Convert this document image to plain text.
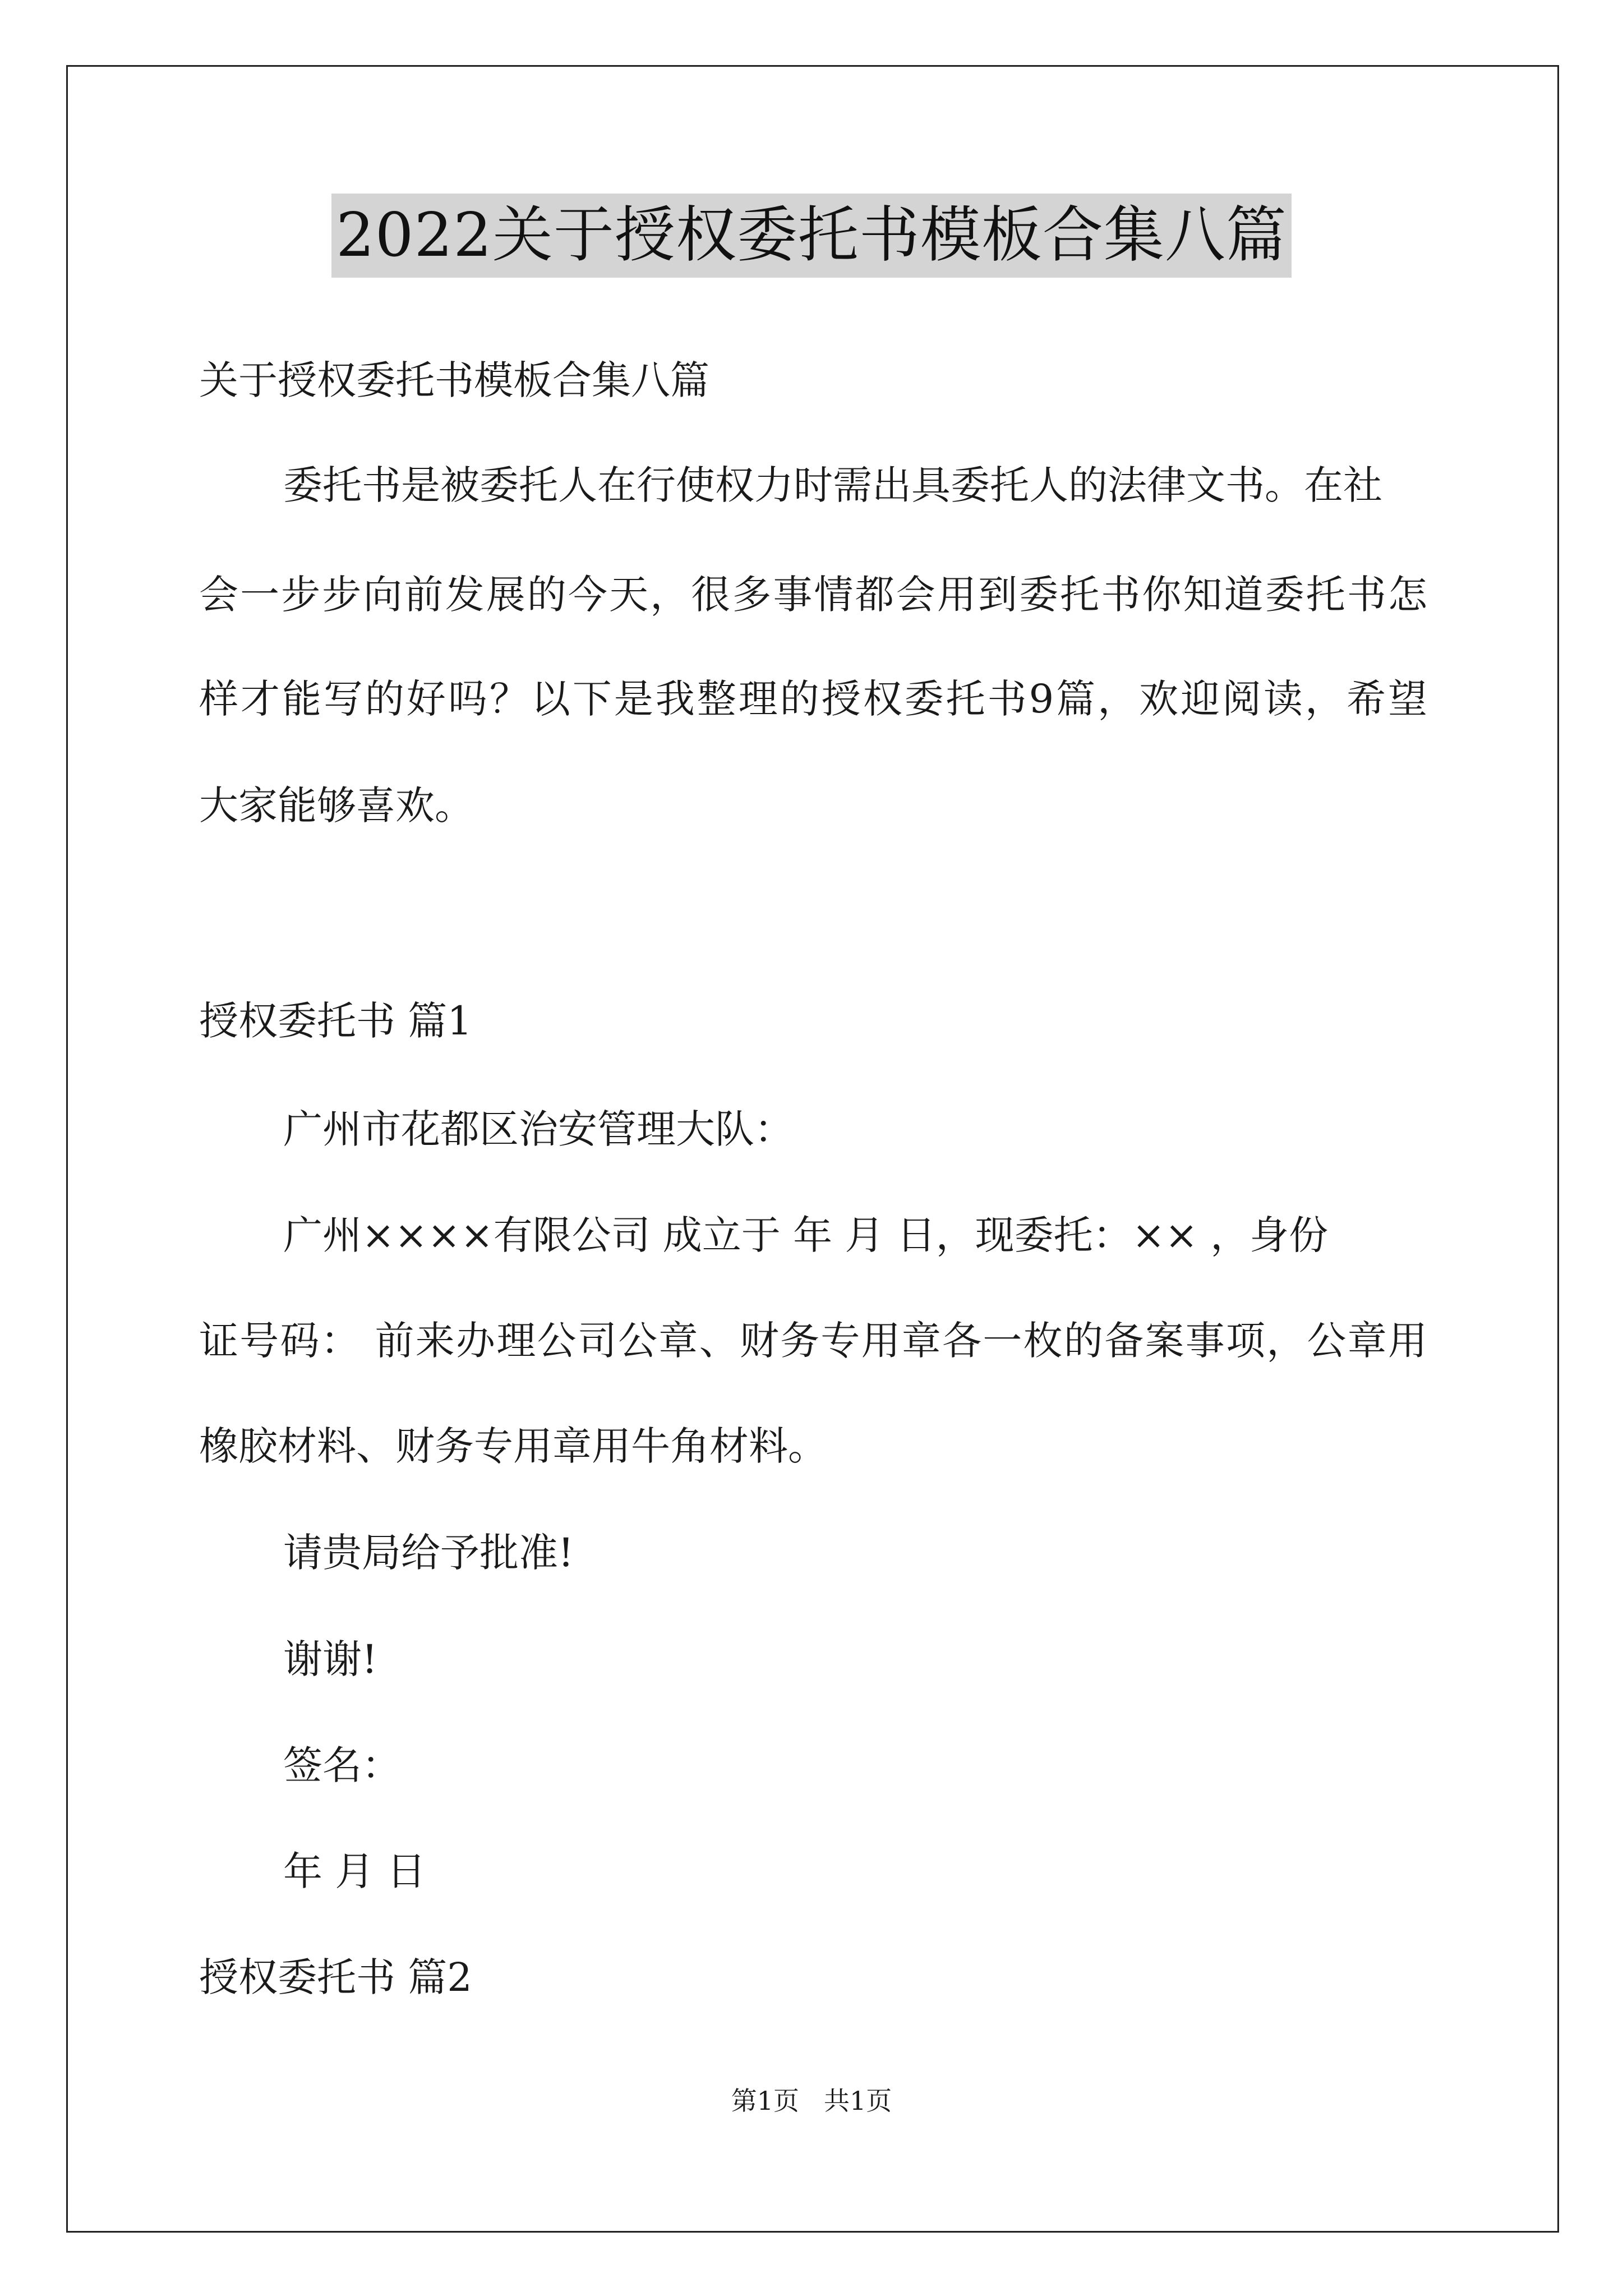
2022关于授权委托书模板合集八篇
关于授权委托书模板合集八篇
委托书是被委托人在行使权力时需出具委托人的法律文书。在社
会一步步向前发展的今天，很多事情都会用到委托书你知道委托书怎
样才能写的好吗？以下是我整理的授权委托书9篇，欢迎阅读，希望
大家能够喜欢。
授权委托书 篇1
广州市花都区治安管理大队：
广州××××有限公司 成立于 年 月 日，现委托：×× ，身份
证号码： 前来办理公司公章、财务专用章各一枚的备案事项，公章用
橡胶材料、财务专用章用牛角材料。
请贵局给予批准!
谢谢!
签名：
年 月 日
授权委托书 篇2
第1页 共1页
